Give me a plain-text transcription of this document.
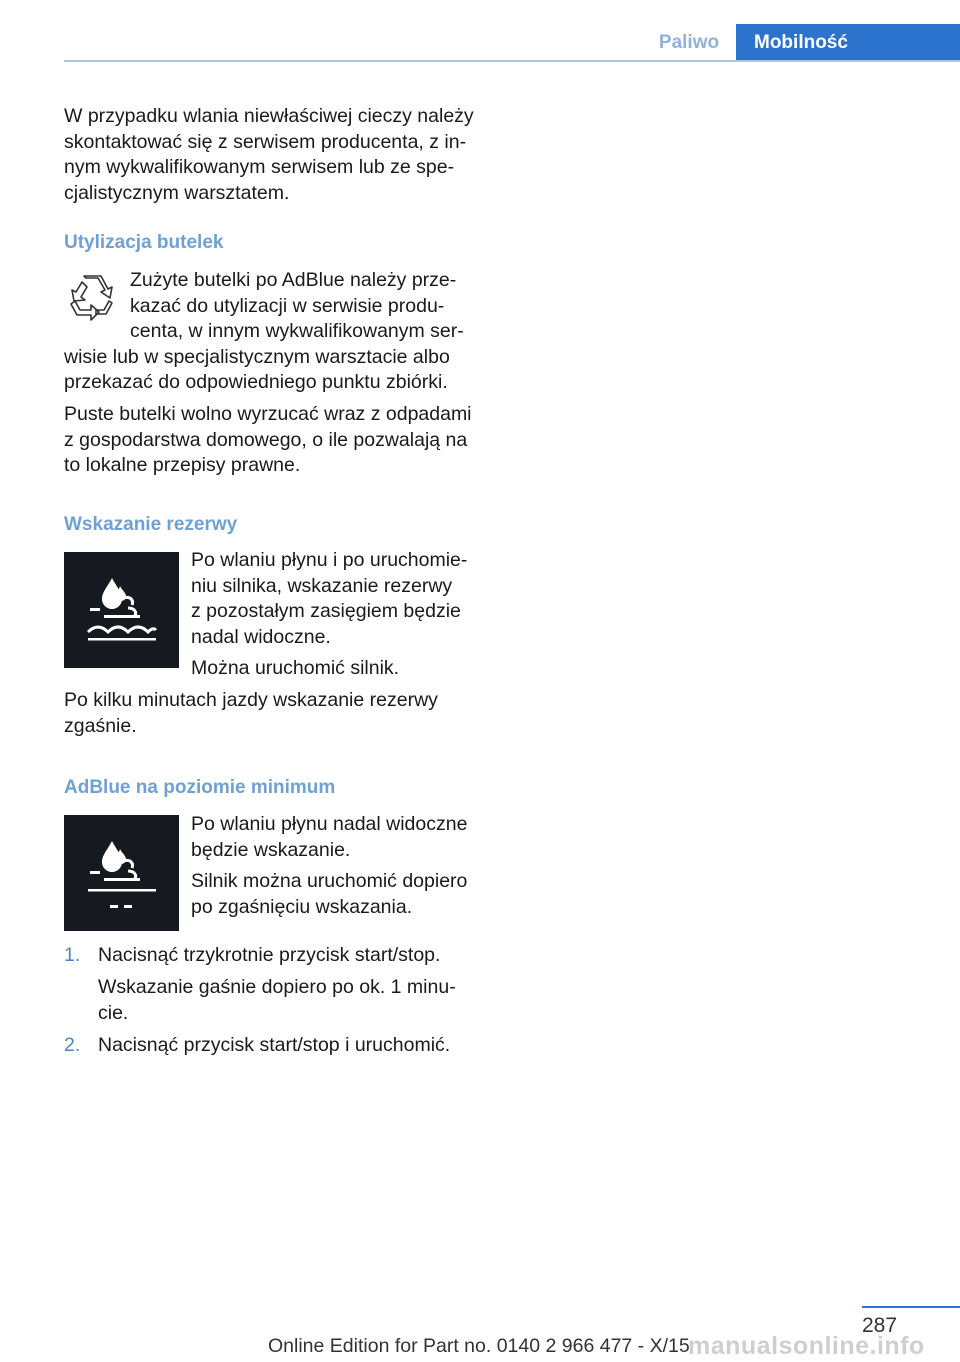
Paliwo	Mobilność

W przypadku wlania niewłaściwej cieczy należy

skontaktować się z serwisem producenta, z in‐

nym wykwalifikowanym serwisem lub ze spe‐

cjalistycznym warsztatem.

Utylizacja butelek

Zużyte butelki po AdBlue należy prze‐

kazać do utylizacji w serwisie produ‐

centa, w innym wykwalifikowanym ser‐

wisie lub w specjalistycznym warsztacie albo

przekazać do odpowiedniego punktu zbiórki.

Puste butelki wolno wyrzucać wraz z odpadami

z gospodarstwa domowego, o ile pozwalają na

to lokalne przepisy prawne.

Wskazanie rezerwy

Po wlaniu płynu i po uruchomie‐

niu silnika, wskazanie rezerwy

z pozostałym zasięgiem będzie

nadal widoczne.

Można uruchomić silnik.

Po kilku minutach jazdy wskazanie rezerwy

zgaśnie.

AdBlue na poziomie minimum

Po wlaniu płynu nadal widoczne

będzie wskazanie.

Silnik można uruchomić dopiero

po zgaśnięciu wskazania.

1. Nacisnąć trzykrotnie przycisk start/stop.

Wskazanie gaśnie dopiero po ok. 1 minu‐

cie.

2. Nacisnąć przycisk start/stop i uruchomić.

287
Online Edition for Part no. 0140 2 966 477 - X/15
manualsonline.info
